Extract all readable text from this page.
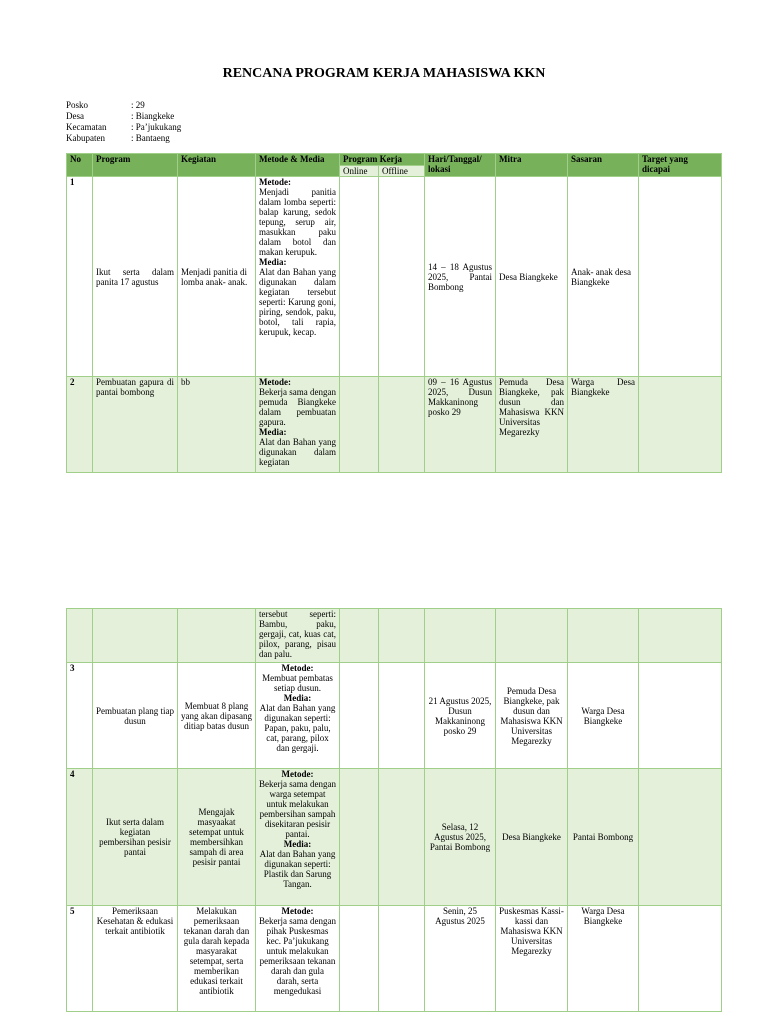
RENCANA PROGRAM KERJA MAHASISWA KKN
Posko	: 29
Desa	: Biangkeke
Kecamatan	: Pa’jukukang
Kabupaten	: Bantaeng
No	Program	Kegiatan	Metode & Media	Program Kerja		Hari/Tanggal/ lokasi	Mitra	Sasaran	Target yang dicapai
				Online	Offline				
1	Ikut serta dalam panita 17 agustus	Menjadi panitia di lomba anak- anak.	Metode:
Menjadi panitia dalam lomba seperti: balap karung, sedok tepung, serup air, masukkan paku dalam botol dan makan kerupuk.
Media:
Alat dan Bahan yang digunakan dalam kegiatan tersebut seperti: Karung goni, piring, sendok, paku, botol, tali rapia, kerupuk, kecap.			14 – 18 Agustus 2025, Pantai Bombong	Desa Biangkeke	Anak- anak desa Biangkeke	
2	Pembuatan gapura di pantai bombong	bb	Metode:
Bekerja sama dengan pemuda Biangkeke dalam pembuatan gapura.
Media:
Alat dan Bahan yang digunakan dalam kegiatan			09 – 16 Agustus 2025, Dusun Makkaninong posko 29	Pemuda Desa Biangkeke, pak dusun dan Mahasiswa KKN Universitas Megarezky	Warga Desa Biangkeke	
			tersebut seperti: Bambu, paku, gergaji, cat, kuas cat, pilox, parang, pisau dan palu.						
3	Pembuatan plang tiap dusun	Membuat 8 plang yang akan dipasang ditiap batas dusun	Metode:
Membuat pembatas setiap dusun.
Media:
Alat dan Bahan yang digunakan seperti: Papan, paku, palu, cat, parang, pilox dan gergaji.			21 Agustus 2025, Dusun Makkaninong posko 29	Pemuda Desa Biangkeke, pak dusun dan Mahasiswa KKN Universitas Megarezky	Warga Desa Biangkeke	
4	Ikut serta dalam kegiatan pembersihan pesisir pantai	Mengajak masyaakat setempat untuk membersihkan sampah di area pesisir pantai	Metode:
Bekerja sama dengan warga setempat untuk melakukan pembersihan sampah disekitaran pesisir pantai.
Media:
Alat dan Bahan yang digunakan seperti: Plastik dan Sarung Tangan.			Selasa, 12 Agustus 2025, Pantai Bombong	Desa Biangkeke	Pantai Bombong	
5	Pemeriksaan Kesehatan & edukasi terkait antibiotik	Melakukan pemeriksaan tekanan darah dan gula darah kepada masyarakat setempat, serta memberikan edukasi terkait antibiotik	Metode:
Bekerja sama dengan pihak Puskesmas kec. Pa’jukukang untuk melakukan pemeriksaan tekanan darah dan gula darah, serta mengedukasi			Senin, 25 Agustus 2025	Puskesmas Kassi-kassi dan Mahasiswa KKN Universitas Megarezky	Warga Desa Biangkeke	
